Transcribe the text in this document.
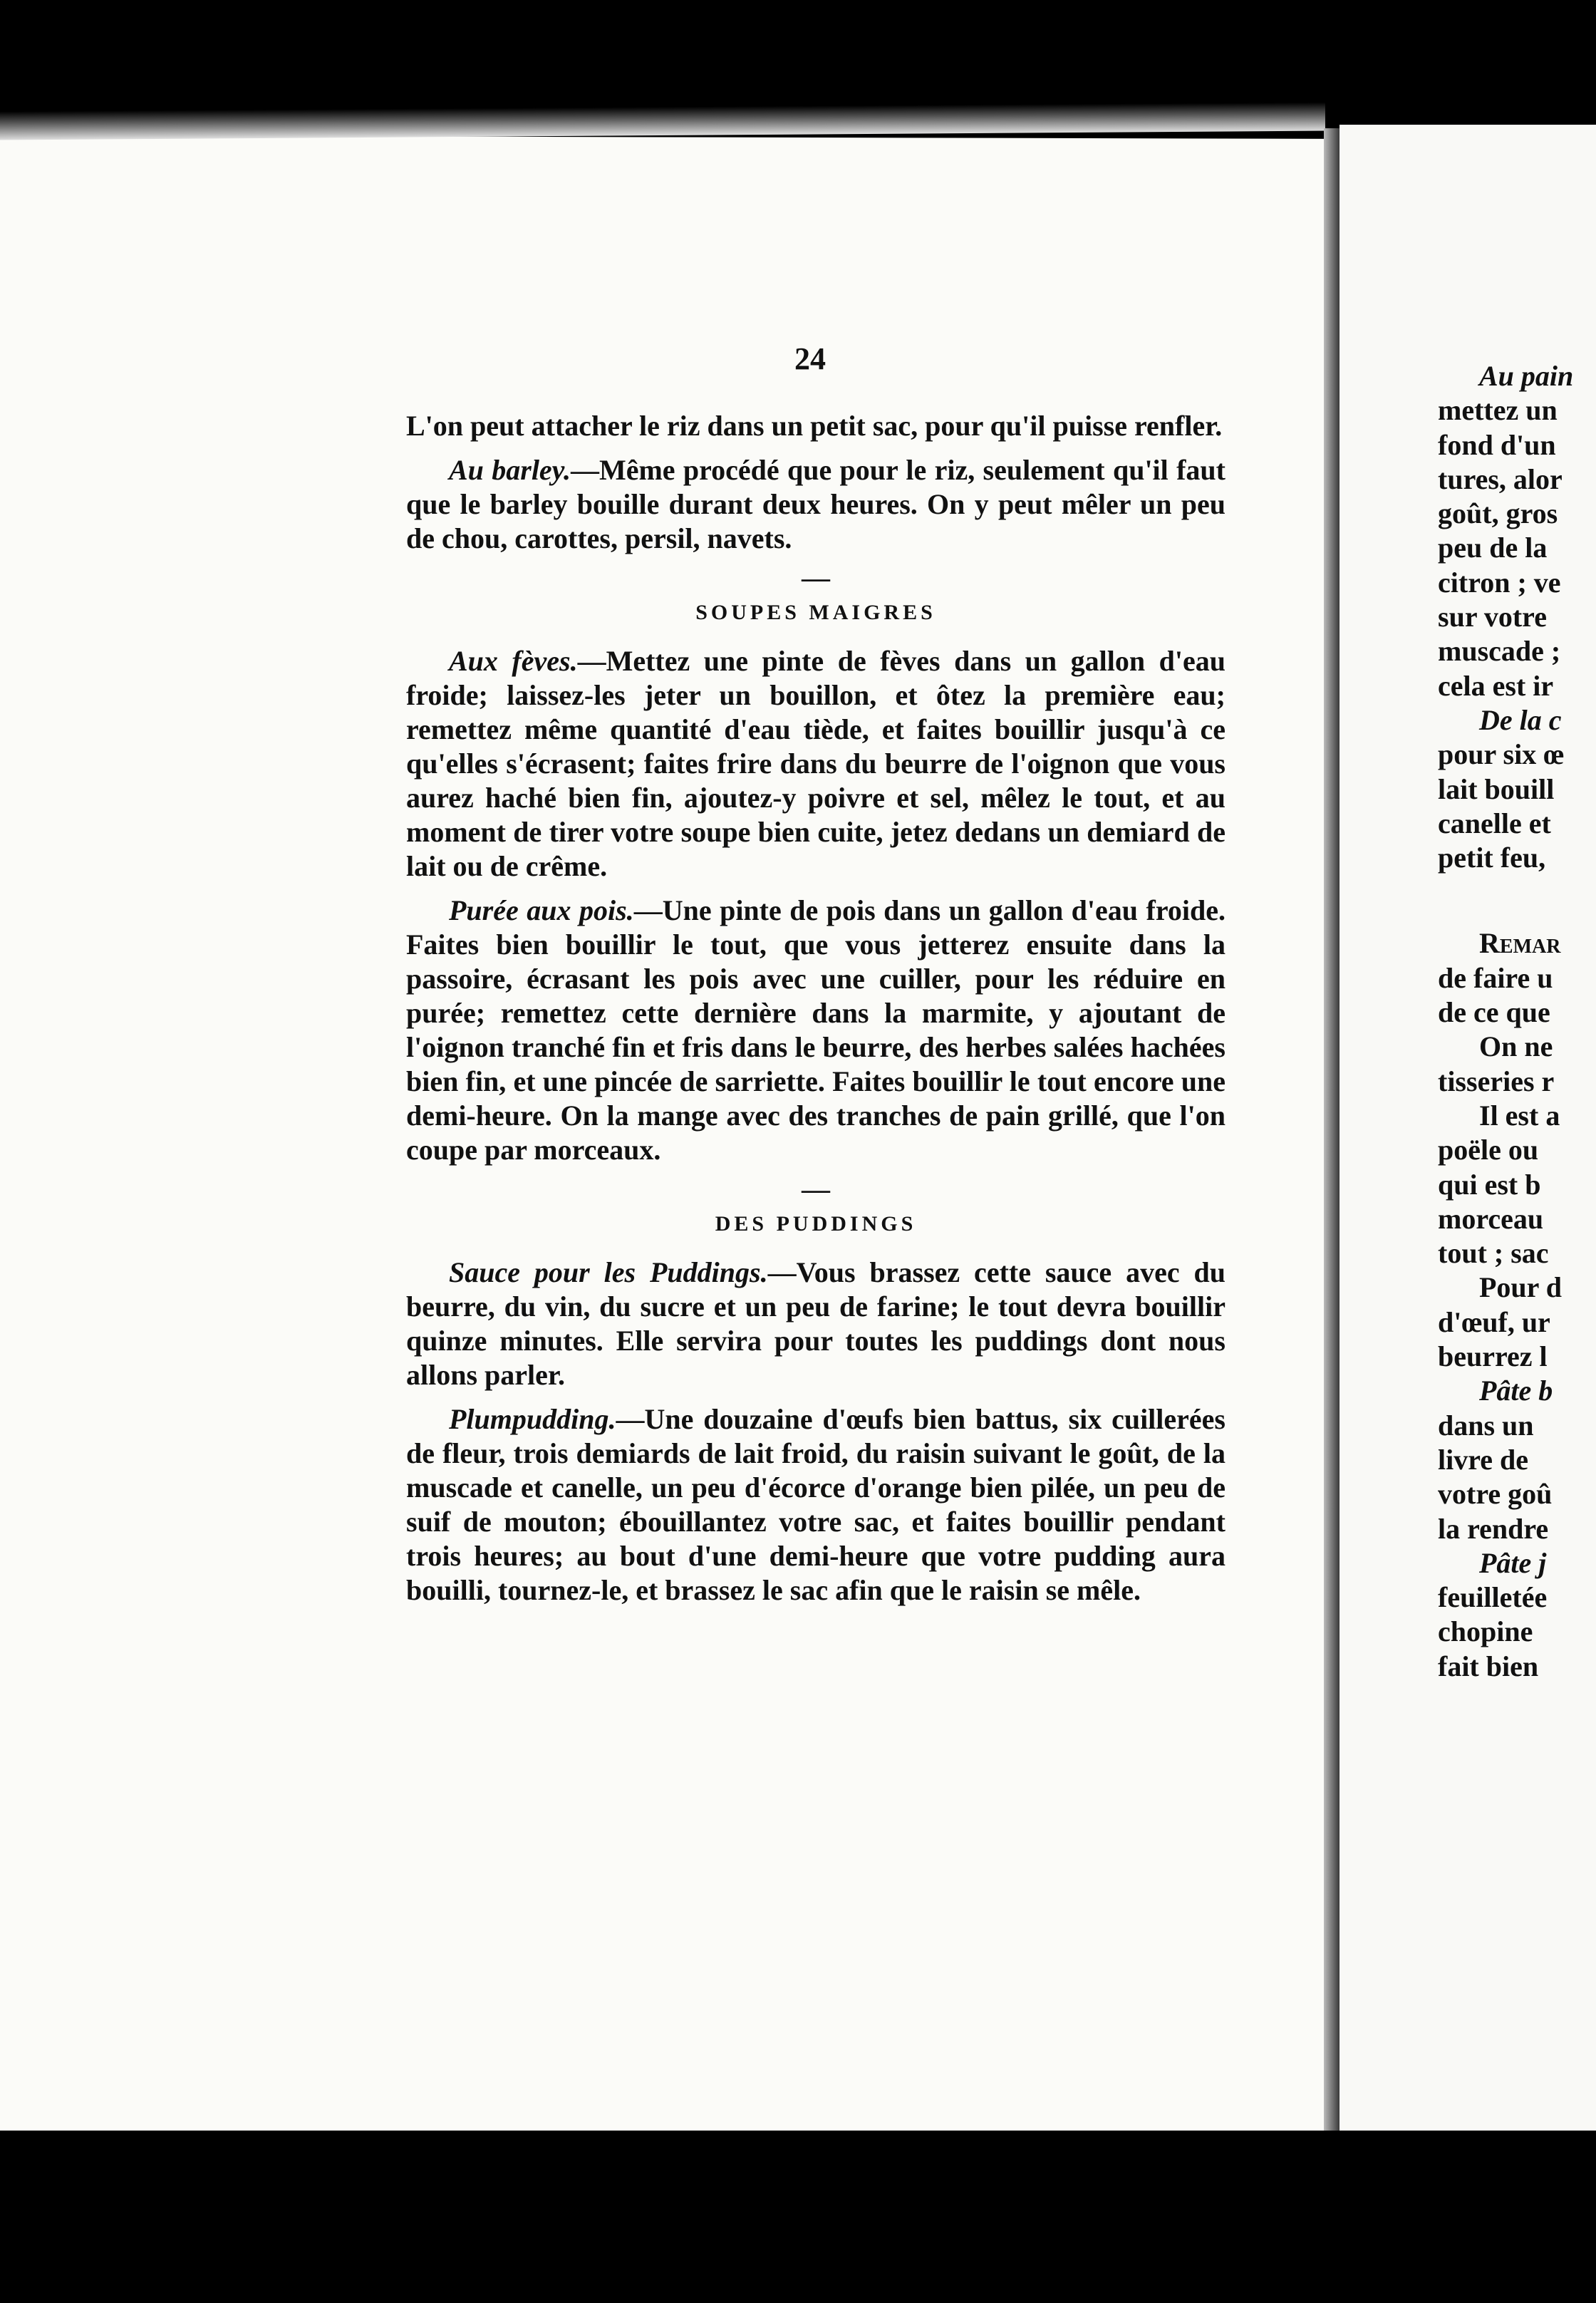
24

L'on peut attacher le riz dans un petit sac, pour qu'il puisse renfler.

Au barley.—Même procédé que pour le riz, seulement qu'il faut que le barley bouille durant deux heures. On y peut mêler un peu de chou, carottes, persil, navets.

—
SOUPES MAIGRES

Aux fèves.—Mettez une pinte de fèves dans un gallon d'eau froide; laissez-les jeter un bouillon, et ôtez la première eau; remettez même quantité d'eau tiède, et faites bouillir jusqu'à ce qu'elles s'écrasent; faites frire dans du beurre de l'oignon que vous aurez haché bien fin, ajoutez-y poivre et sel, mêlez le tout, et au moment de tirer votre soupe bien cuite, jetez dedans un demiard de lait ou de crême.

Purée aux pois.—Une pinte de pois dans un gallon d'eau froide. Faites bien bouillir le tout, que vous jetterez ensuite dans la passoire, écrasant les pois avec une cuiller, pour les réduire en purée; remettez cette dernière dans la marmite, y ajoutant de l'oignon tranché fin et fris dans le beurre, des herbes salées hachées bien fin, et une pincée de sarriette. Faites bouillir le tout encore une demi-heure. On la mange avec des tranches de pain grillé, que l'on coupe par morceaux.

—
DES PUDDINGS

Sauce pour les Puddings.—Vous brassez cette sauce avec du beurre, du vin, du sucre et un peu de farine; le tout devra bouillir quinze minutes. Elle servira pour toutes les puddings dont nous allons parler.

Plumpudding.—Une douzaine d'œufs bien battus, six cuillerées de fleur, trois demiards de lait froid, du raisin suivant le goût, de la muscade et canelle, un peu d'écorce d'orange bien pilée, un peu de suif de mouton; ébouillantez votre sac, et faites bouillir pendant trois heures; au bout d'une demi-heure que votre pudding aura bouilli, tournez-le, et brassez le sac afin que le raisin se mêle.

Au pain
mettez un
fond d'un
tures, alor
goût, gros
peu de la
citron ; ve
sur votre
muscade ;
cela est ir
De la c
pour six œ
lait bouill
canelle et
petit feu,
Remar
de faire u
de ce que
On ne
tisseries r
Il est a
poële ou
qui est b
morceau
tout ; sac
Pour d
d'œuf, ur
beurrez l
Pâte b
dans un
livre de
votre goû
la rendre
Pâte j
feuilletée
chopine
fait bien
